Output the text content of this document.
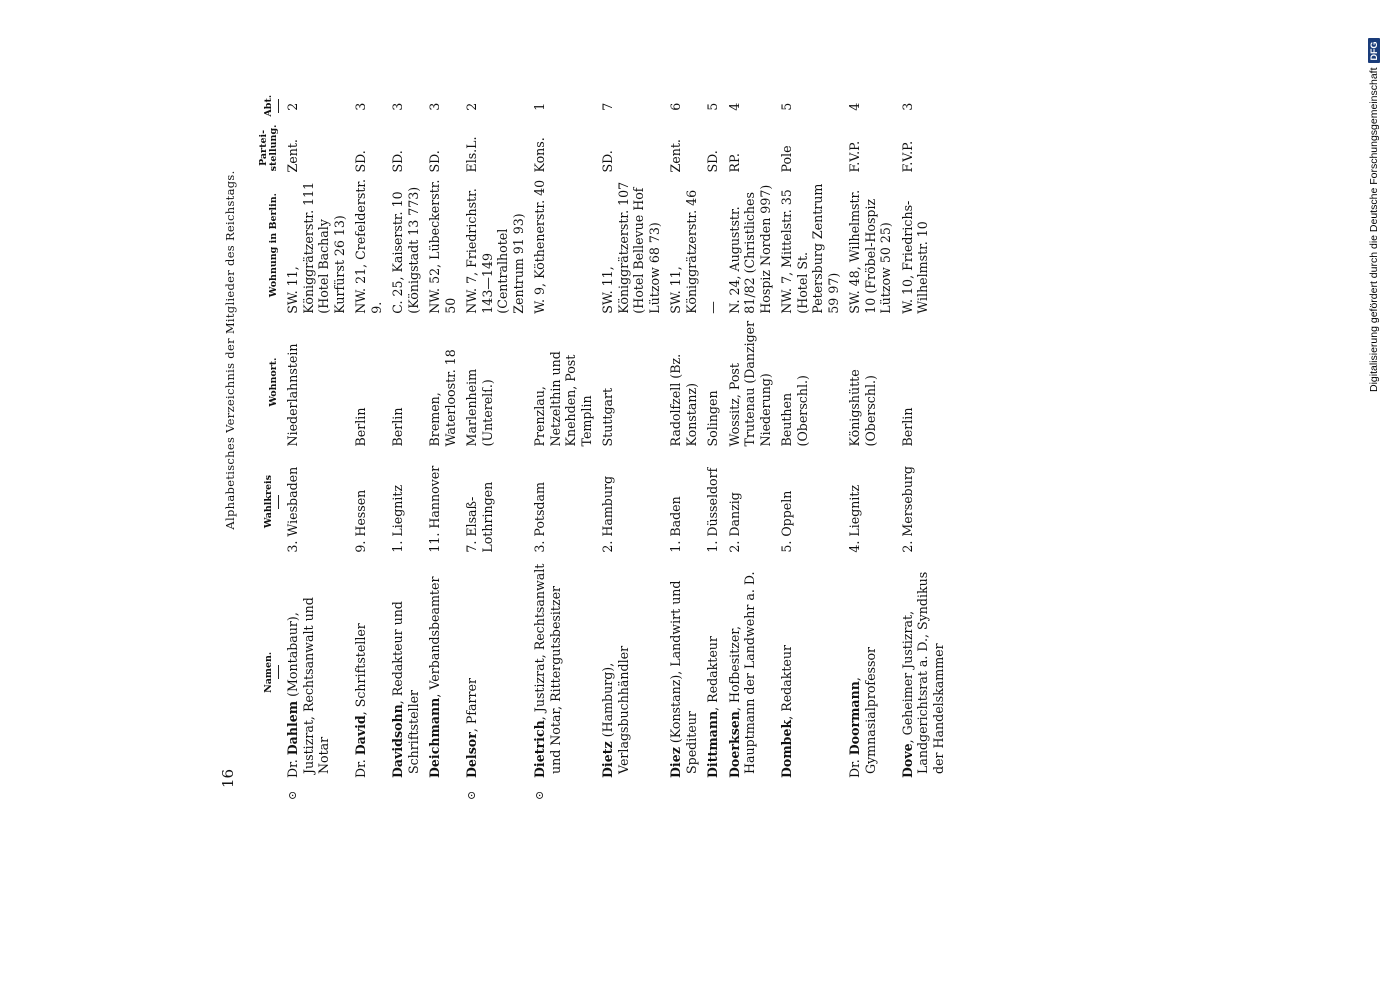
16
Alphabetisches Verzeichnis der Mitglieder des Reichstags.
Namen.	Wahlkreis	Wohnort.	Wohnung in Berlin.	Partei-stellung.	Abt.

⊙
Dr. Dahlem (Montabaur), Justizrat, Rechtsanwalt und Notar	3. Wiesbaden	Niederlahnstein	SW. 11, Königgrätzerstr. 111 (Hotel Bachaly Kurfürst 26 13)	Zent.	2

Dr. David, Schriftsteller	9. Hessen	Berlin	NW. 21, Crefelderstr. 9.	SD.	3

Davidsohn, Redakteur und Schriftsteller	1. Liegnitz	Berlin	C. 25, Kaiserstr. 10 (Königstadt 13 773)	SD.	3

Deichmann, Verbandsbeamter	11. Hannover	Bremen, Waterloostr. 18	NW. 52, Lübeckerstr. 50	SD.	3

⊙
Delsor, Pfarrer	7. Elsaß-Lothringen	Marlenheim (Unterelſ.)	NW. 7, Friedrichstr. 143—149 (Centralhotel Zentrum 91 93)	Els.L.	2

⊙
Dietrich, Justizrat, Rechtsanwalt und Notar, Rittergutsbesitzer	3. Potsdam	Prenzlau, Netzelthin und Knehden, Post Templin	W. 9, Köthenerstr. 40	Kons.	1

Dietz (Hamburg), Verlagsbuchhändler	2. Hamburg	Stuttgart	SW. 11, Königgrätzerstr. 107 (Hotel Bellevue Hof Lützow 68 73)	SD.	7

Diez (Konstanz), Landwirt und Spediteur	1. Baden	Radolfzell (Bz. Konstanz)	SW. 11, Königgrätzerstr. 46	Zent.	6

Dittmann, Redakteur	1. Düsseldorf	Solingen	—	SD.	5

Doerksen, Hofbesitzer, Hauptmann der Landwehr a. D.	2. Danzig	Wossitz, Post Trutenau (Danziger Niederung)	N. 24, Auguststr. 81/82 (Christliches Hospiz Norden 997)	RP.	4

Dombek, Redakteur	5. Oppeln	Beuthen (Oberschl.)	NW. 7, Mittelstr. 35 (Hotel St. Petersburg Zentrum 59 97)	Pole	5

Dr. Doormann, Gymnasialprofessor	4. Liegnitz	Königshütte (Oberschl.)	SW. 48, Wilhelmstr. 10 (Fröbel-Hospiz Lützow 50 25)	F.V.P.	4

Dove, Geheimer Justizrat, Landgerichtsrat a. D., Syndikus der Handelskammer	2. Merseburg	Berlin	W. 10, Friedrichs-Wilhelmstr. 10	F.V.P.	3	Digitalisierung gefördert durch die Deutsche Forschungsgemeinschaft
DFG
